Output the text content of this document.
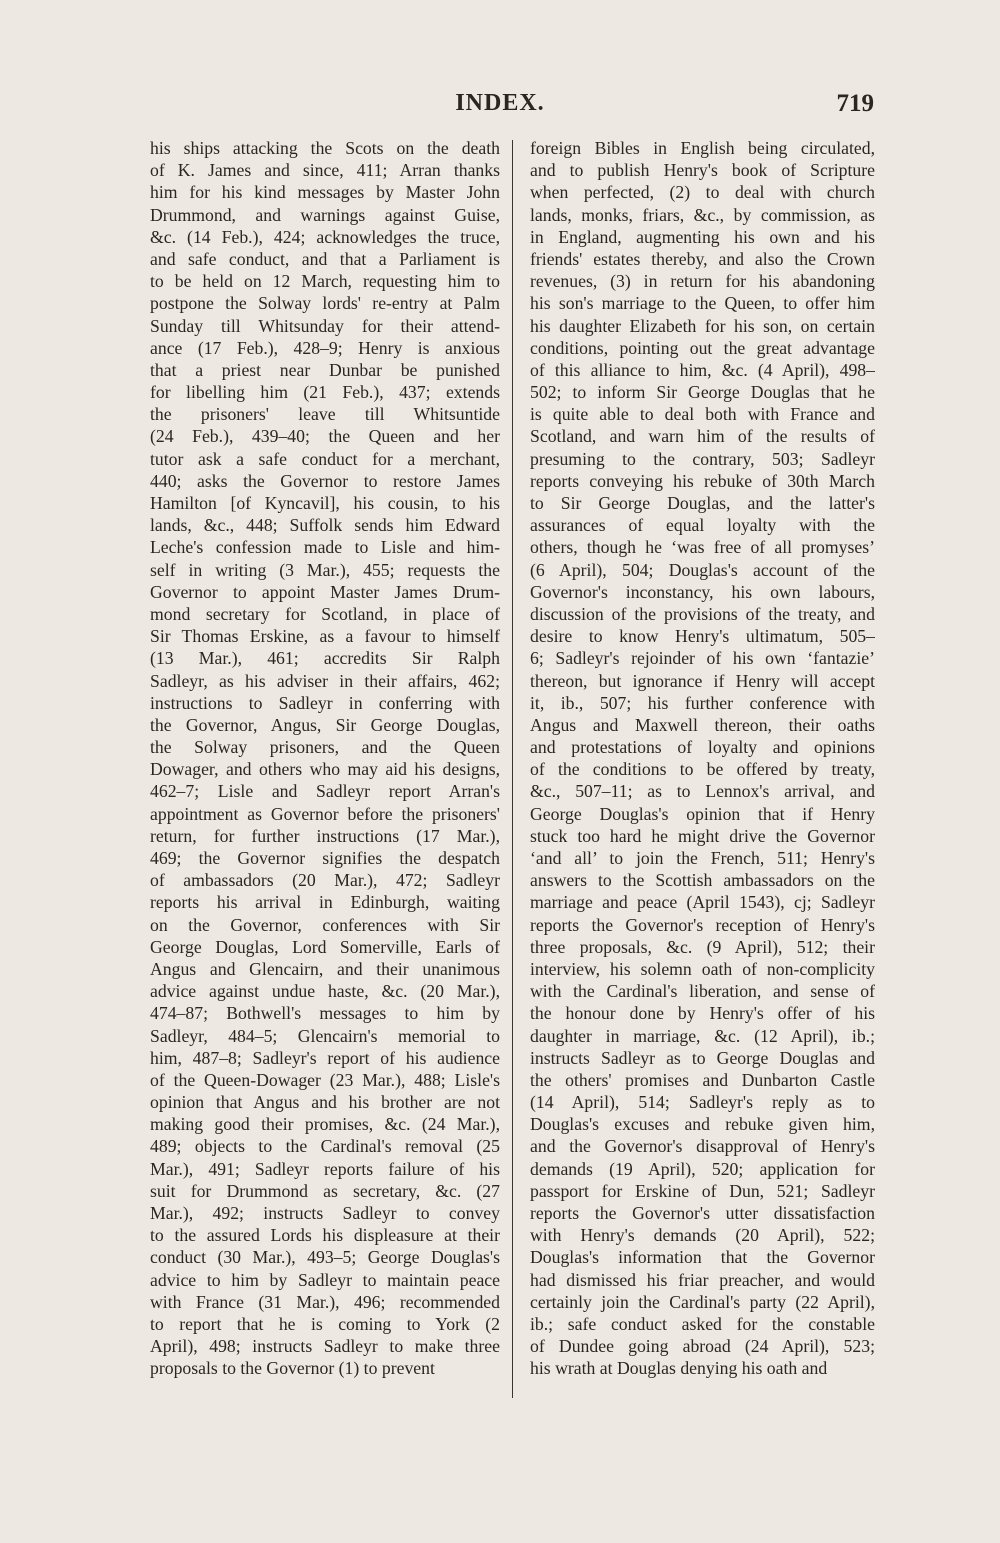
INDEX.	719
his ships attacking the Scots on the death
of K. James and since, 411; Arran thanks
him for his kind messages by Master John
Drummond, and warnings against Guise,
&c. (14 Feb.), 424; acknowledges the truce,
and safe conduct, and that a Parliament is
to be held on 12 March, requesting him to
postpone the Solway lords' re-entry at Palm
Sunday till Whitsunday for their attend-
ance (17 Feb.), 428–9; Henry is anxious
that a priest near Dunbar be punished
for libelling him (21 Feb.), 437; extends
the prisoners' leave till Whitsuntide
(24 Feb.), 439–40; the Queen and her
tutor ask a safe conduct for a merchant,
440; asks the Governor to restore James
Hamilton [of Kyncavil], his cousin, to his
lands, &c., 448; Suffolk sends him Edward
Leche's confession made to Lisle and him-
self in writing (3 Mar.), 455; requests the
Governor to appoint Master James Drum-
mond secretary for Scotland, in place of
Sir Thomas Erskine, as a favour to himself
(13 Mar.), 461; accredits Sir Ralph
Sadleyr, as his adviser in their affairs, 462;
instructions to Sadleyr in conferring with
the Governor, Angus, Sir George Douglas,
the Solway prisoners, and the Queen
Dowager, and others who may aid his designs,
462–7; Lisle and Sadleyr report Arran's
appointment as Governor before the prisoners'
return, for further instructions (17 Mar.),
469; the Governor signifies the despatch
of ambassadors (20 Mar.), 472; Sadleyr
reports his arrival in Edinburgh, waiting
on the Governor, conferences with Sir
George Douglas, Lord Somerville, Earls of
Angus and Glencairn, and their unanimous
advice against undue haste, &c. (20 Mar.),
474–87; Bothwell's messages to him by
Sadleyr, 484–5; Glencairn's memorial to
him, 487–8; Sadleyr's report of his audience
of the Queen-Dowager (23 Mar.), 488; Lisle's
opinion that Angus and his brother are not
making good their promises, &c. (24 Mar.),
489; objects to the Cardinal's removal (25
Mar.), 491; Sadleyr reports failure of his
suit for Drummond as secretary, &c. (27
Mar.), 492; instructs Sadleyr to convey
to the assured Lords his displeasure at their
conduct (30 Mar.), 493–5; George Douglas's
advice to him by Sadleyr to maintain peace
with France (31 Mar.), 496; recommended
to report that he is coming to York (2
April), 498; instructs Sadleyr to make three
proposals to the Governor (1) to prevent
foreign Bibles in English being circulated,
and to publish Henry's book of Scripture
when perfected, (2) to deal with church
lands, monks, friars, &c., by commission, as
in England, augmenting his own and his
friends' estates thereby, and also the Crown
revenues, (3) in return for his abandoning
his son's marriage to the Queen, to offer him
his daughter Elizabeth for his son, on certain
conditions, pointing out the great advantage
of this alliance to him, &c. (4 April), 498–
502; to inform Sir George Douglas that he
is quite able to deal both with France and
Scotland, and warn him of the results of
presuming to the contrary, 503; Sadleyr
reports conveying his rebuke of 30th March
to Sir George Douglas, and the latter's
assurances of equal loyalty with the
others, though he ‘was free of all promyses’
(6 April), 504; Douglas's account of the
Governor's inconstancy, his own labours,
discussion of the provisions of the treaty, and
desire to know Henry's ultimatum, 505–
6; Sadleyr's rejoinder of his own ‘fantazie’
thereon, but ignorance if Henry will accept
it, ib., 507; his further conference with
Angus and Maxwell thereon, their oaths
and protestations of loyalty and opinions
of the conditions to be offered by treaty,
&c., 507–11; as to Lennox's arrival, and
George Douglas's opinion that if Henry
stuck too hard he might drive the Governor
‘and all’ to join the French, 511; Henry's
answers to the Scottish ambassadors on the
marriage and peace (April 1543), cj; Sadleyr
reports the Governor's reception of Henry's
three proposals, &c. (9 April), 512; their
interview, his solemn oath of non-complicity
with the Cardinal's liberation, and sense of
the honour done by Henry's offer of his
daughter in marriage, &c. (12 April), ib.;
instructs Sadleyr as to George Douglas and
the others' promises and Dunbarton Castle
(14 April), 514; Sadleyr's reply as to
Douglas's excuses and rebuke given him,
and the Governor's disapproval of Henry's
demands (19 April), 520; application for
passport for Erskine of Dun, 521; Sadleyr
reports the Governor's utter dissatisfaction
with Henry's demands (20 April), 522;
Douglas's information that the Governor
had dismissed his friar preacher, and would
certainly join the Cardinal's party (22 April),
ib.; safe conduct asked for the constable
of Dundee going abroad (24 April), 523;
his wrath at Douglas denying his oath and
